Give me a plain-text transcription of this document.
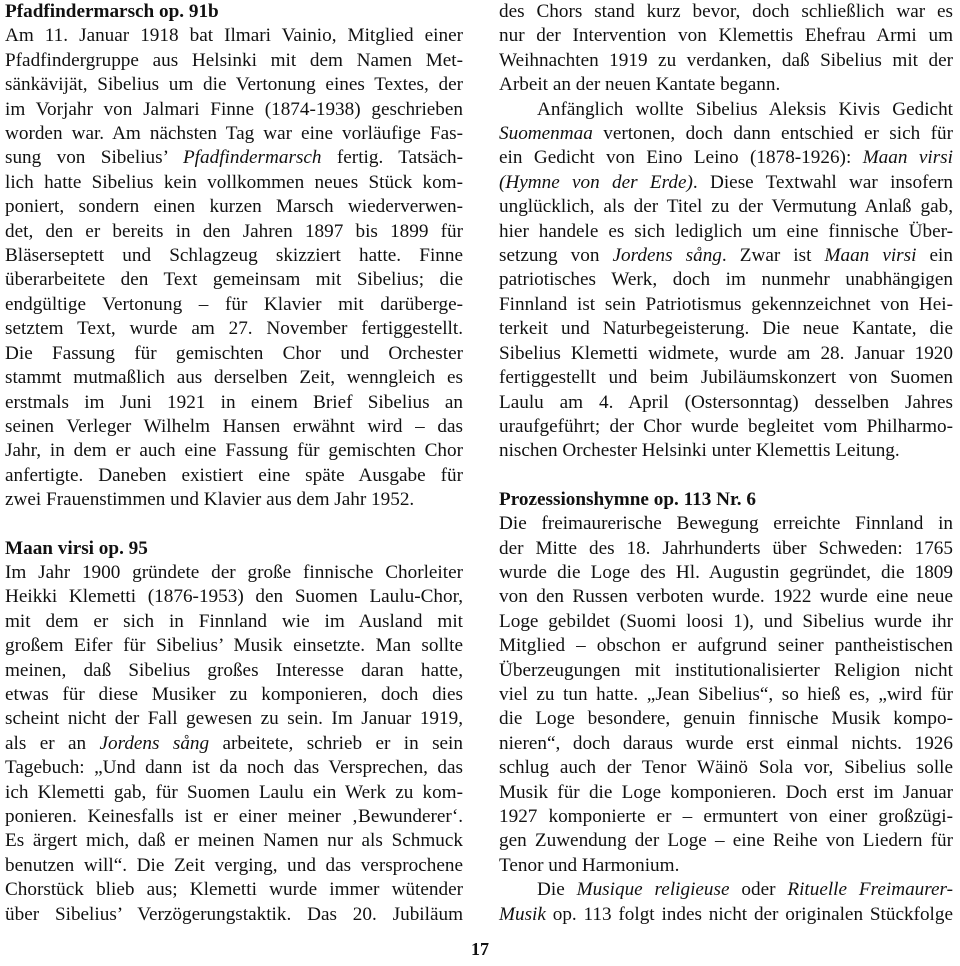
Pfadfindermarsch op. 91b
Am 11. Januar 1918 bat Ilmari Vainio, Mitglied einer
Pfadfindergruppe aus Helsinki mit dem Namen Met-
sänkävijät, Sibelius um die Vertonung eines Textes, der
im Vorjahr von Jalmari Finne (1874-1938) geschrieben
worden war. Am nächsten Tag war eine vorläufige Fas-
sung von Sibelius’ Pfadfindermarsch fertig. Tatsäch-
lich hatte Sibelius kein vollkommen neues Stück kom-
poniert, sondern einen kurzen Marsch wiederverwen-
det, den er bereits in den Jahren 1897 bis 1899 für
Bläserseptett und Schlagzeug skizziert hatte. Finne
überarbeitete den Text gemeinsam mit Sibelius; die
endgültige Vertonung – für Klavier mit darüberge-
setztem Text, wurde am 27. November fertiggestellt.
Die Fassung für gemischten Chor und Orchester
stammt mutmaßlich aus derselben Zeit, wenngleich es
erstmals im Juni 1921 in einem Brief Sibelius an
seinen Verleger Wilhelm Hansen erwähnt wird – das
Jahr, in dem er auch eine Fassung für gemischten Chor
anfertigte. Daneben existiert eine späte Ausgabe für
zwei Frauenstimmen und Klavier aus dem Jahr 1952.
Maan virsi op. 95
Im Jahr 1900 gründete der große finnische Chorleiter
Heikki Klemetti (1876-1953) den Suomen Laulu-Chor,
mit dem er sich in Finnland wie im Ausland mit
großem Eifer für Sibelius’ Musik einsetzte. Man sollte
meinen, daß Sibelius großes Interesse daran hatte,
etwas für diese Musiker zu komponieren, doch dies
scheint nicht der Fall gewesen zu sein. Im Januar 1919,
als er an Jordens sång arbeitete, schrieb er in sein
Tagebuch: „Und dann ist da noch das Versprechen, das
ich Klemetti gab, für Suomen Laulu ein Werk zu kom-
ponieren. Keinesfalls ist er einer meiner ‚Bewunderer‘.
Es ärgert mich, daß er meinen Namen nur als Schmuck
benutzen will“. Die Zeit verging, und das versprochene
Chorstück blieb aus; Klemetti wurde immer wütender
über Sibelius’ Verzögerungstaktik. Das 20. Jubiläum
des Chors stand kurz bevor, doch schließlich war es
nur der Intervention von Klemettis Ehefrau Armi um
Weihnachten 1919 zu verdanken, daß Sibelius mit der
Arbeit an der neuen Kantate begann.
Anfänglich wollte Sibelius Aleksis Kivis Gedicht
Suomenmaa vertonen, doch dann entschied er sich für
ein Gedicht von Eino Leino (1878-1926): Maan virsi
(Hymne von der Erde). Diese Textwahl war insofern
unglücklich, als der Titel zu der Vermutung Anlaß gab,
hier handele es sich lediglich um eine finnische Über-
setzung von Jordens sång. Zwar ist Maan virsi ein
patriotisches Werk, doch im nunmehr unabhängigen
Finnland ist sein Patriotismus gekennzeichnet von Hei-
terkeit und Naturbegeisterung. Die neue Kantate, die
Sibelius Klemetti widmete, wurde am 28. Januar 1920
fertiggestellt und beim Jubiläumskonzert von Suomen
Laulu am 4. April (Ostersonntag) desselben Jahres
uraufgeführt; der Chor wurde begleitet vom Philharmo-
nischen Orchester Helsinki unter Klemettis Leitung.
Prozessionshymne op. 113 Nr. 6
Die freimaurerische Bewegung erreichte Finnland in
der Mitte des 18. Jahrhunderts über Schweden: 1765
wurde die Loge des Hl. Augustin gegründet, die 1809
von den Russen verboten wurde. 1922 wurde eine neue
Loge gebildet (Suomi loosi 1), und Sibelius wurde ihr
Mitglied – obschon er aufgrund seiner pantheistischen
Überzeugungen mit institutionalisierter Religion nicht
viel zu tun hatte. „Jean Sibelius“, so hieß es, „wird für
die Loge besondere, genuin finnische Musik kompo-
nieren“, doch daraus wurde erst einmal nichts. 1926
schlug auch der Tenor Wäinö Sola vor, Sibelius solle
Musik für die Loge komponieren. Doch erst im Januar
1927 komponierte er – ermuntert von einer großzügi-
gen Zuwendung der Loge – eine Reihe von Liedern für
Tenor und Harmonium.
Die Musique religieuse oder Rituelle Freimaurer-
Musik op. 113 folgt indes nicht der originalen Stückfolge
17
